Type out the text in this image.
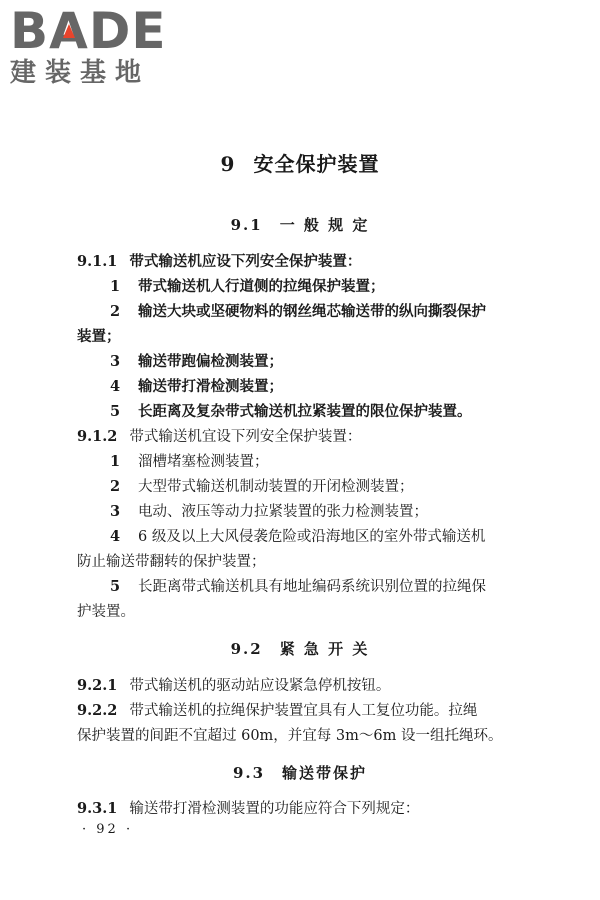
BA
DE
建装基地
9 安全保护装置
9.1　一 般 规 定
9.1.1 带式输送机应设下列安全保护装置：
1 带式输送机人行道侧的拉绳保护装置；
2 输送大块或坚硬物料的钢丝绳芯输送带的纵向撕裂保护
装置；
3 输送带跑偏检测装置；
4 输送带打滑检测装置；
5 长距离及复杂带式输送机拉紧装置的限位保护装置。
9.1.2 带式输送机宜设下列安全保护装置：
1 溜槽堵塞检测装置；
2 大型带式输送机制动装置的开闭检测装置；
3 电动、液压等动力拉紧装置的张力检测装置；
4 6 级及以上大风侵袭危险或沿海地区的室外带式输送机
防止输送带翻转的保护装置；
5 长距离带式输送机具有地址编码系统识别位置的拉绳保
护装置。
9.2　紧 急 开 关
9.2.1 带式输送机的驱动站应设紧急停机按钮。
9.2.2 带式输送机的拉绳保护装置宜具有人工复位功能。拉绳
保护装置的间距不宜超过 60m，并宜每 3m～6m 设一组托绳环。
9.3　输送带保护
9.3.1 输送带打滑检测装置的功能应符合下列规定：
· 92 ·
